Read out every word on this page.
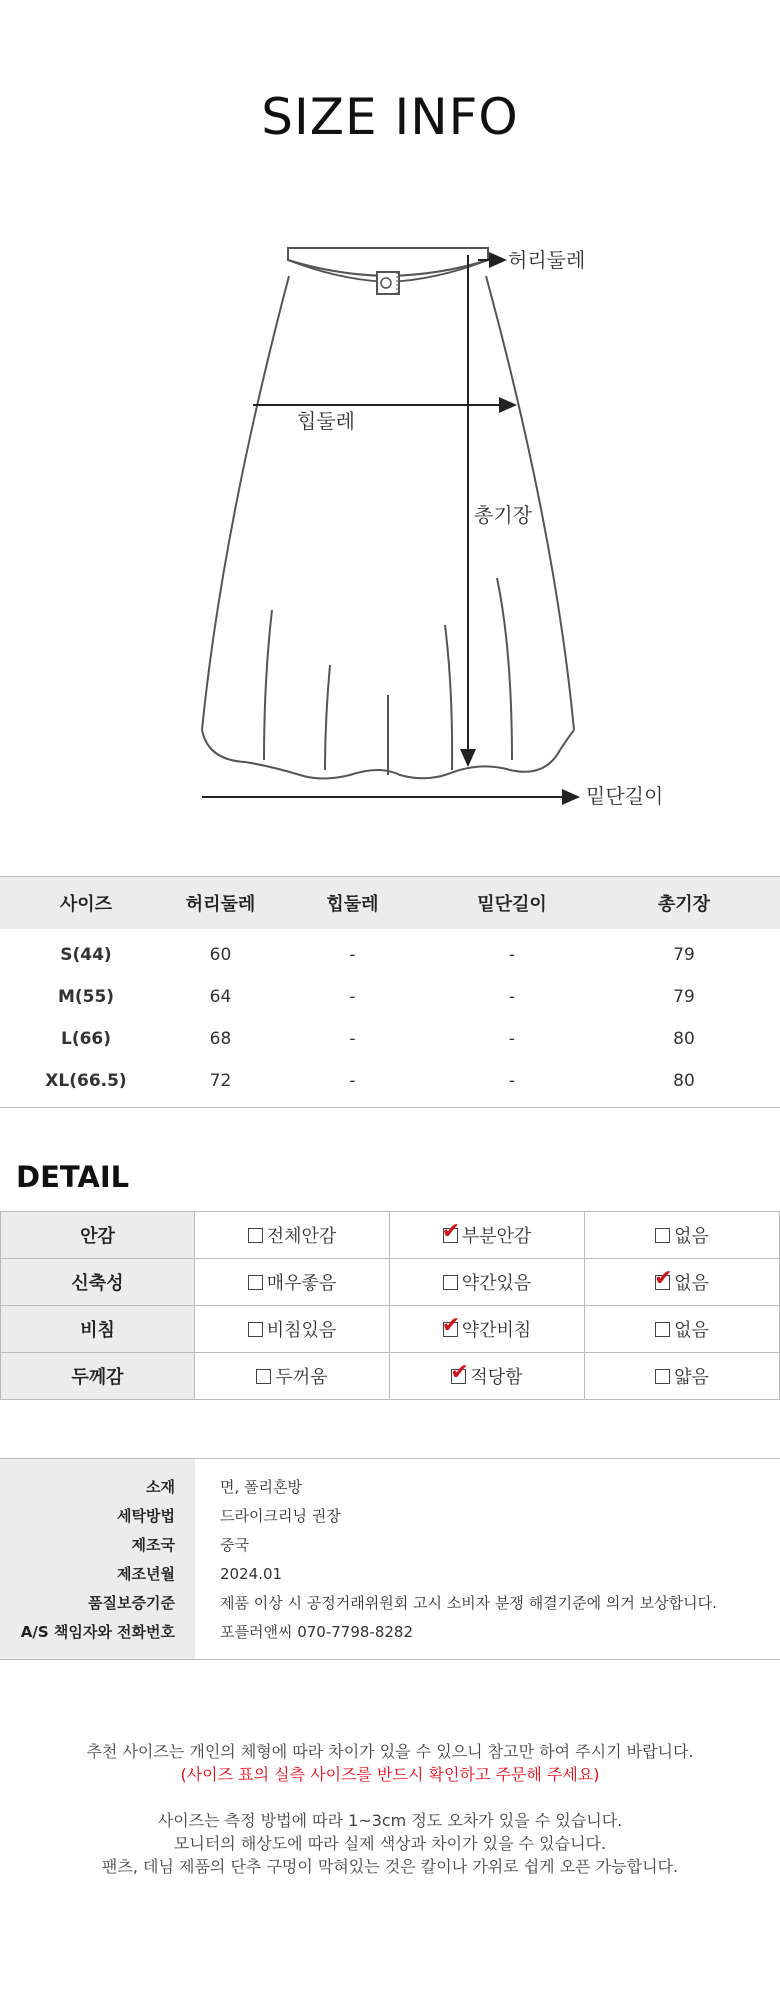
SIZE INFO
허리둘레
힙둘레
총기장
밑단길이
사이즈	허리둘레	힙둘레	밑단길이	총기장
S(44)	60	-	-	79
M(55)	64	-	-	79
L(66)	68	-	-	80
XL(66.5)	72	-	-	80
DETAIL
안감	전체안감	✔ 부분안감	없음
신축성	매우좋음	약간있음	✔ 없음
비침	비침있음	✔ 약간비침	없음
두께감	두꺼움	✔ 적당함	얇음
소재	면, 폴리혼방
세탁방법	드라이크리닝 권장
제조국	중국
제조년월	2024.01
품질보증기준	제품 이상 시 공정거래위원회 고시 소비자 분쟁 해결기준에 의거 보상합니다.
A/S 책임자와 전화번호	포플러앤씨 070-7798-8282
추천 사이즈는 개인의 체형에 따라 차이가 있을 수 있으니 참고만 하여 주시기 바랍니다.
(사이즈 표의 실측 사이즈를 반드시 확인하고 주문해 주세요)
사이즈는 측정 방법에 따라 1~3cm 정도 오차가 있을 수 있습니다.
모니터의 해상도에 따라 실제 색상과 차이가 있을 수 있습니다.
팬츠, 데님 제품의 단추 구멍이 막혀있는 것은 칼이나 가위로 쉽게 오픈 가능합니다.
